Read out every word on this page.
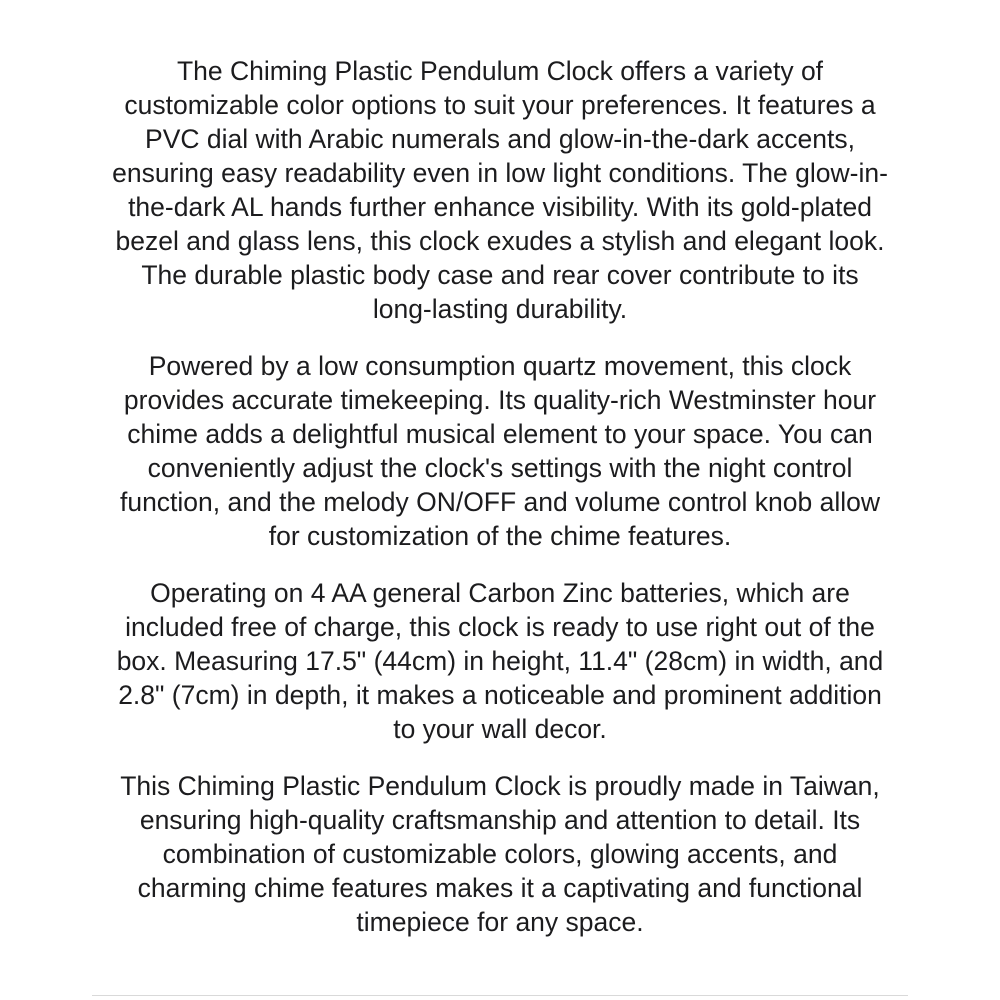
The Chiming Plastic Pendulum Clock offers a variety of customizable color options to suit your preferences. It features a PVC dial with Arabic numerals and glow-in-the-dark accents, ensuring easy readability even in low light conditions. The glow-in-the-dark AL hands further enhance visibility. With its gold-plated bezel and glass lens, this clock exudes a stylish and elegant look. The durable plastic body case and rear cover contribute to its long-lasting durability.

Powered by a low consumption quartz movement, this clock provides accurate timekeeping. Its quality-rich Westminster hour chime adds a delightful musical element to your space. You can conveniently adjust the clock's settings with the night control function, and the melody ON/OFF and volume control knob allow for customization of the chime features.

Operating on 4 AA general Carbon Zinc batteries, which are included free of charge, this clock is ready to use right out of the box. Measuring 17.5" (44cm) in height, 11.4" (28cm) in width, and 2.8" (7cm) in depth, it makes a noticeable and prominent addition to your wall decor.

This Chiming Plastic Pendulum Clock is proudly made in Taiwan, ensuring high-quality craftsmanship and attention to detail. Its combination of customizable colors, glowing accents, and charming chime features makes it a captivating and functional timepiece for any space.
